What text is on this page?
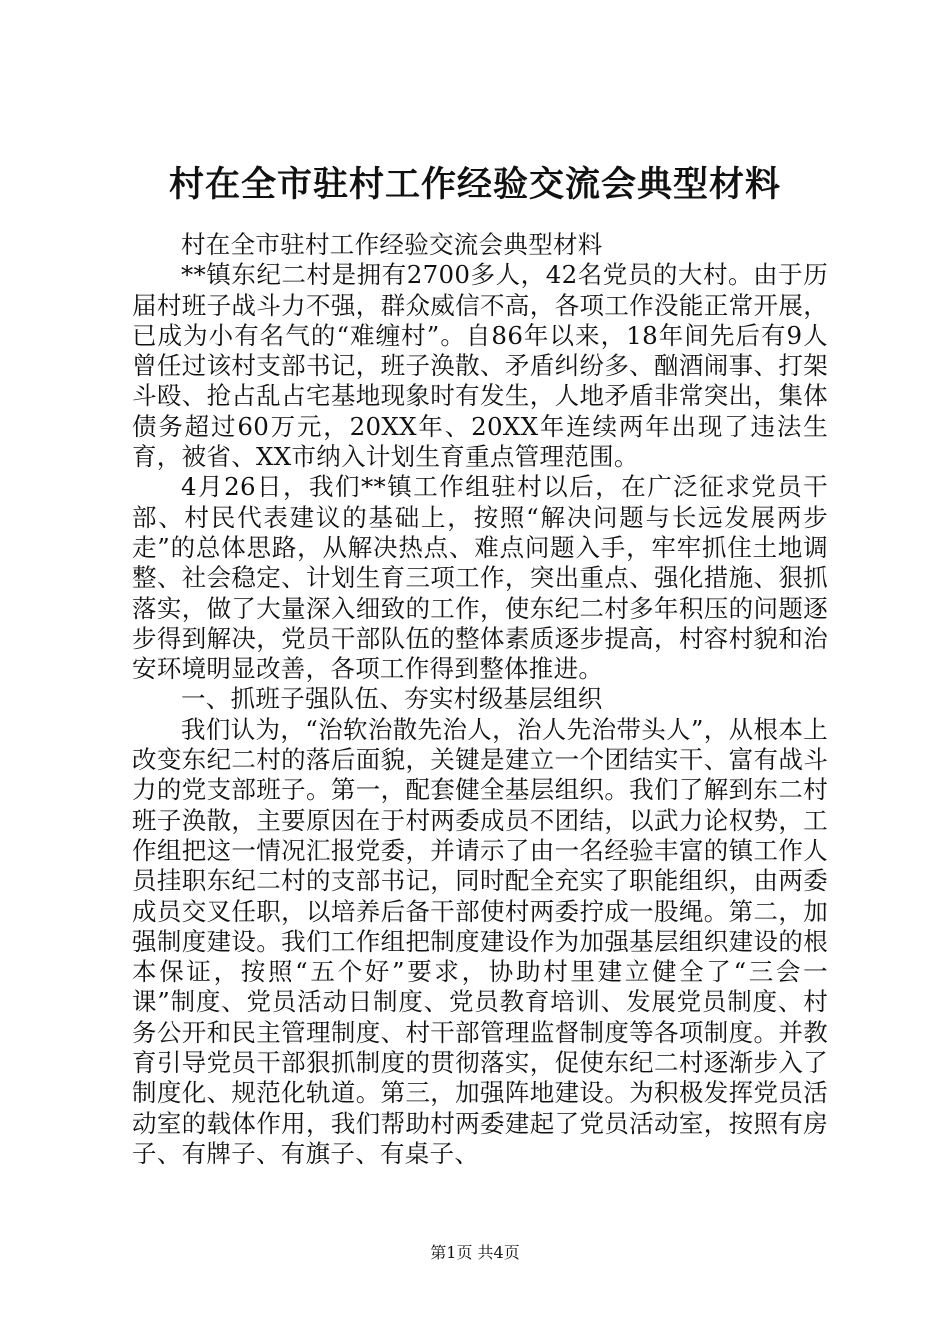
村在全市驻村工作经验交流会典型材料

村在全市驻村工作经验交流会典型材料

**镇东纪二村是拥有2700多人，42名党员的大村。由于历届村班子战斗力不强，群众威信不高，各项工作没能正常开展，已成为小有名气的“难缠村”。自86年以来，18年间先后有9人曾任过该村支部书记，班子涣散、矛盾纠纷多、酗酒闹事、打架斗殴、抢占乱占宅基地现象时有发生，人地矛盾非常突出，集体债务超过60万元，20XX年、20XX年连续两年出现了违法生育，被省、XX市纳入计划生育重点管理范围。

4月26日，我们**镇工作组驻村以后，在广泛征求党员干部、村民代表建议的基础上，按照“解决问题与长远发展两步走”的总体思路，从解决热点、难点问题入手，牢牢抓住土地调整、社会稳定、计划生育三项工作，突出重点、强化措施、狠抓落实，做了大量深入细致的工作，使东纪二村多年积压的问题逐步得到解决，党员干部队伍的整体素质逐步提高，村容村貌和治安环境明显改善，各项工作得到整体推进。

一、抓班子强队伍、夯实村级基层组织

我们认为，“治软治散先治人，治人先治带头人”，从根本上改变东纪二村的落后面貌，关键是建立一个团结实干、富有战斗力的党支部班子。第一，配套健全基层组织。我们了解到东二村班子涣散，主要原因在于村两委成员不团结，以武力论权势，工作组把这一情况汇报党委，并请示了由一名经验丰富的镇工作人员挂职东纪二村的支部书记，同时配全充实了职能组织，由两委成员交叉任职，以培养后备干部使村两委拧成一股绳。第二，加强制度建设。我们工作组把制度建设作为加强基层组织建设的根本保证，按照“五个好”要求，协助村里建立健全了“三会一课”制度、党员活动日制度、党员教育培训、发展党员制度、村务公开和民主管理制度、村干部管理监督制度等各项制度。并教育引导党员干部狠抓制度的贯彻落实，促使东纪二村逐渐步入了制度化、规范化轨道。第三，加强阵地建设。为积极发挥党员活动室的载体作用，我们帮助村两委建起了党员活动室，按照有房子、有牌子、有旗子、有桌子、

第1页 共4页
